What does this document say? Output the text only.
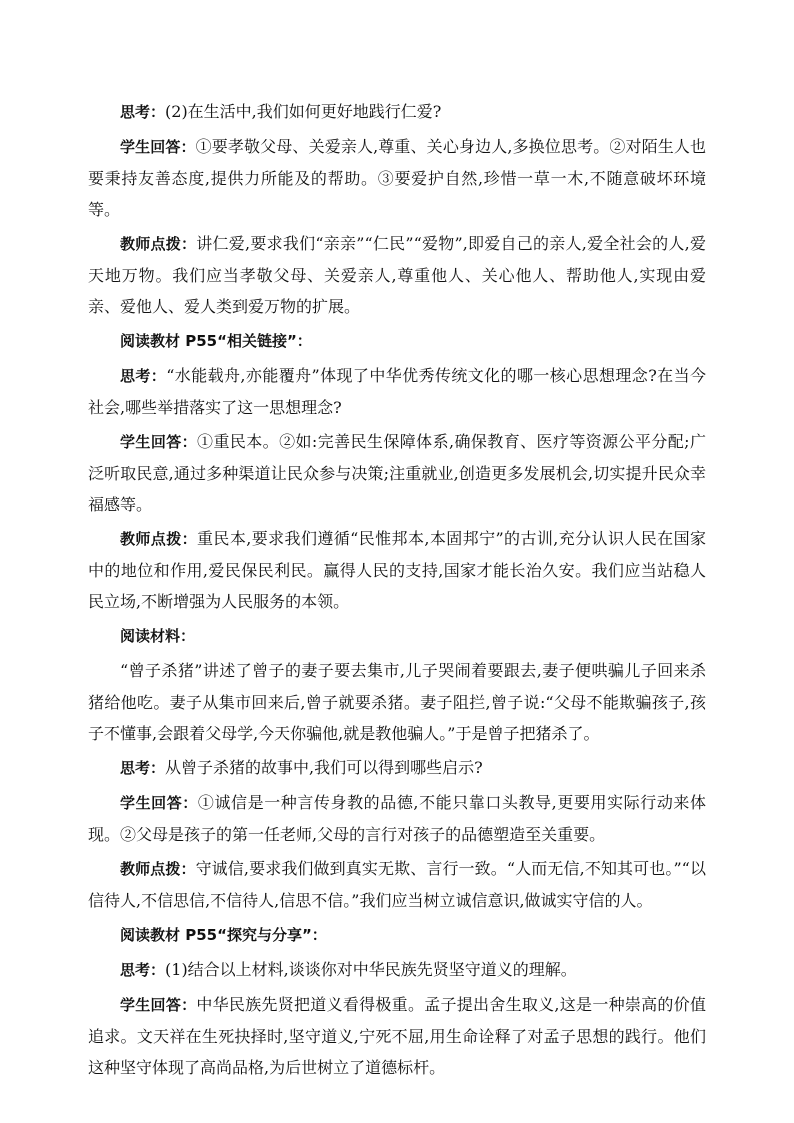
思考：(2)在生活中,我们如何更好地践行仁爱?

学生回答：①要孝敬父母、关爱亲人,尊重、关心身边人,多换位思考。②对陌生人也要秉持友善态度,提供力所能及的帮助。③要爱护自然,珍惜一草一木,不随意破坏环境等。

教师点拨：讲仁爱,要求我们“亲亲”“仁民”“爱物”,即爱自己的亲人,爱全社会的人,爱天地万物。我们应当孝敬父母、关爱亲人,尊重他人、关心他人、帮助他人,实现由爱亲、爱他人、爱人类到爱万物的扩展。

阅读教材 P55“相关链接”：

思考：“水能载舟,亦能覆舟”体现了中华优秀传统文化的哪一核心思想理念?在当今社会,哪些举措落实了这一思想理念?

学生回答：①重民本。②如:完善民生保障体系,确保教育、医疗等资源公平分配;广泛听取民意,通过多种渠道让民众参与决策;注重就业,创造更多发展机会,切实提升民众幸福感等。

教师点拨：重民本,要求我们遵循“民惟邦本,本固邦宁”的古训,充分认识人民在国家中的地位和作用,爱民保民利民。赢得人民的支持,国家才能长治久安。我们应当站稳人民立场,不断增强为人民服务的本领。

阅读材料：

“曾子杀猪”讲述了曾子的妻子要去集市,儿子哭闹着要跟去,妻子便哄骗儿子回来杀猪给他吃。妻子从集市回来后,曾子就要杀猪。妻子阻拦,曾子说:“父母不能欺骗孩子,孩子不懂事,会跟着父母学,今天你骗他,就是教他骗人。”于是曾子把猪杀了。

思考：从曾子杀猪的故事中,我们可以得到哪些启示?

学生回答：①诚信是一种言传身教的品德,不能只靠口头教导,更要用实际行动来体现。②父母是孩子的第一任老师,父母的言行对孩子的品德塑造至关重要。

教师点拨：守诚信,要求我们做到真实无欺、言行一致。“人而无信,不知其可也。”“以信待人,不信思信,不信待人,信思不信。”我们应当树立诚信意识,做诚实守信的人。

阅读教材 P55“探究与分享”：

思考：(1)结合以上材料,谈谈你对中华民族先贤坚守道义的理解。

学生回答：中华民族先贤把道义看得极重。孟子提出舍生取义,这是一种崇高的价值追求。文天祥在生死抉择时,坚守道义,宁死不屈,用生命诠释了对孟子思想的践行。他们这种坚守体现了高尚品格,为后世树立了道德标杆。
